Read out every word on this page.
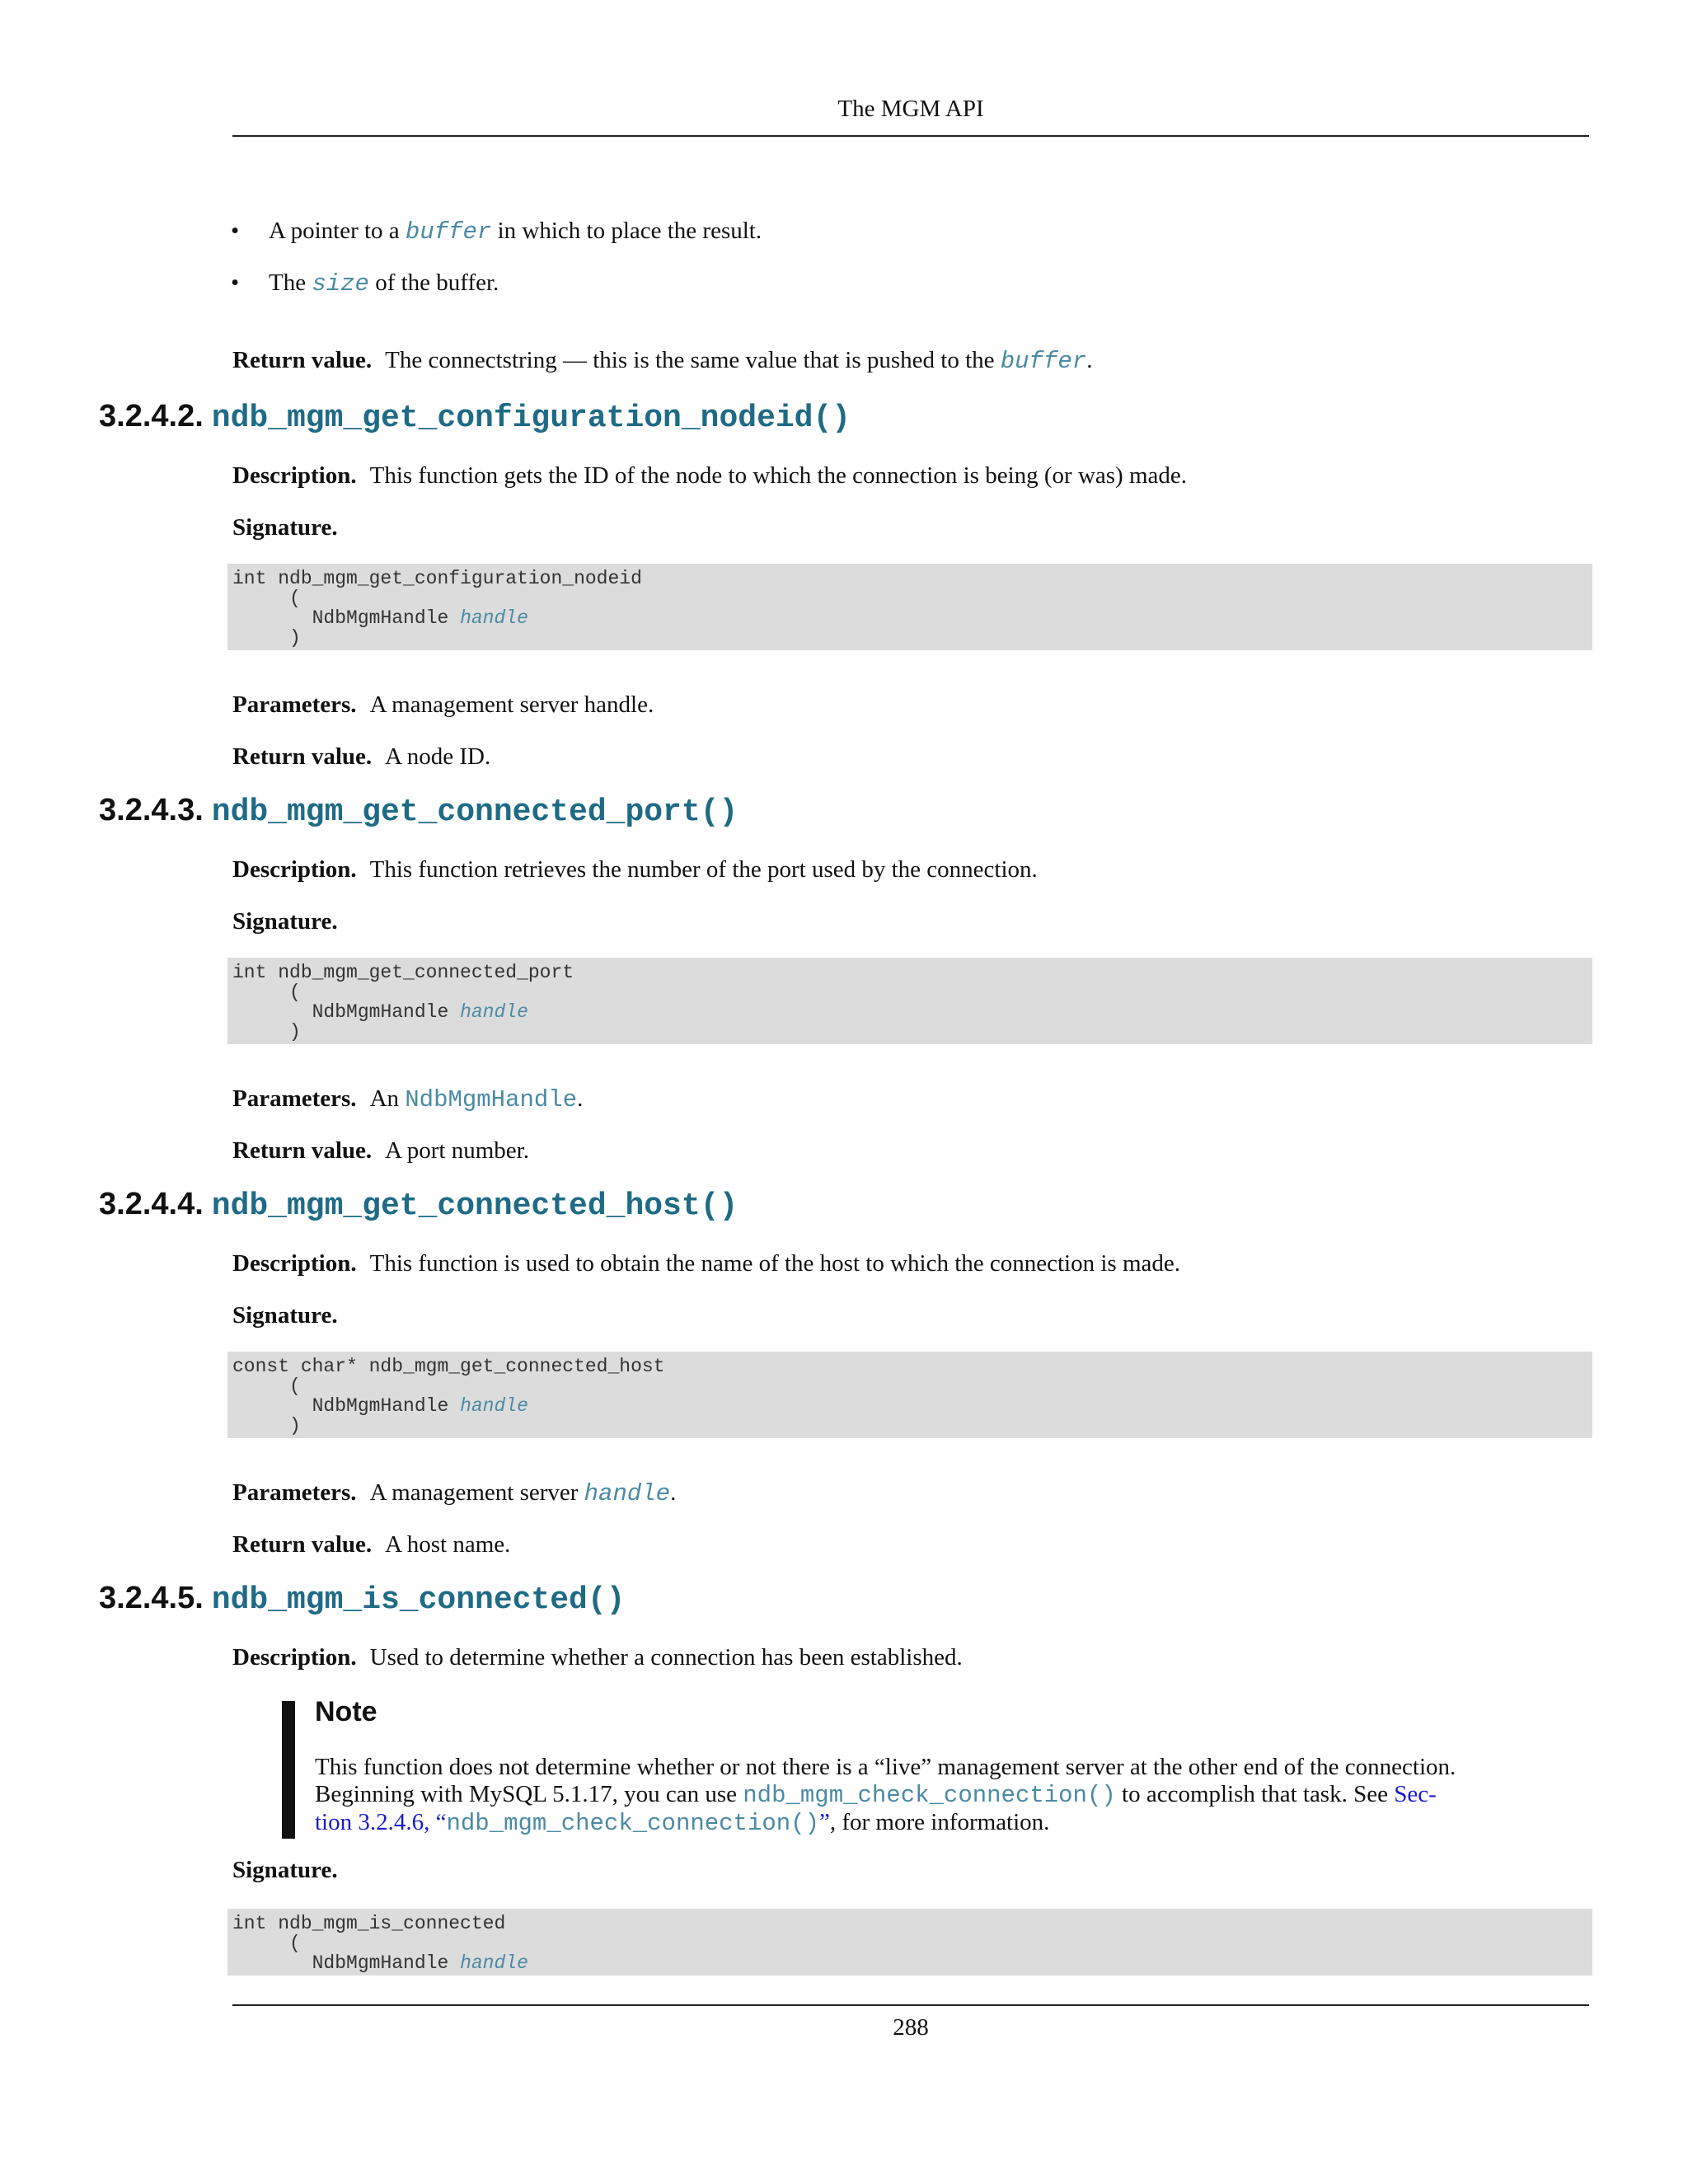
The MGM API
• A pointer to a buffer in which to place the result.
• The size of the buffer.
Return value. The connectstring — this is the same value that is pushed to the buffer.
3.2.4.2. ndb_mgm_get_configuration_nodeid()
Description. This function gets the ID of the node to which the connection is being (or was) made.
Signature.
int ndb_mgm_get_configuration_nodeid
(
NdbMgmHandle handle
)
Parameters. A management server handle.
Return value. A node ID.
3.2.4.3. ndb_mgm_get_connected_port()
Description. This function retrieves the number of the port used by the connection.
Signature.
int ndb_mgm_get_connected_port
(
NdbMgmHandle handle
)
Parameters. An NdbMgmHandle.
Return value. A port number.
3.2.4.4. ndb_mgm_get_connected_host()
Description. This function is used to obtain the name of the host to which the connection is made.
Signature.
const char* ndb_mgm_get_connected_host
(
NdbMgmHandle handle
)
Parameters. A management server handle.
Return value. A host name.
3.2.4.5. ndb_mgm_is_connected()
Description. Used to determine whether a connection has been established.
Note
This function does not determine whether or not there is a “live” management server at the other end of the connection.
Beginning with MySQL 5.1.17, you can use ndb_mgm_check_connection() to accomplish that task. See Sec-
tion 3.2.4.6, “ndb_mgm_check_connection()”, for more information.
Signature.
int ndb_mgm_is_connected
(
NdbMgmHandle handle
288
